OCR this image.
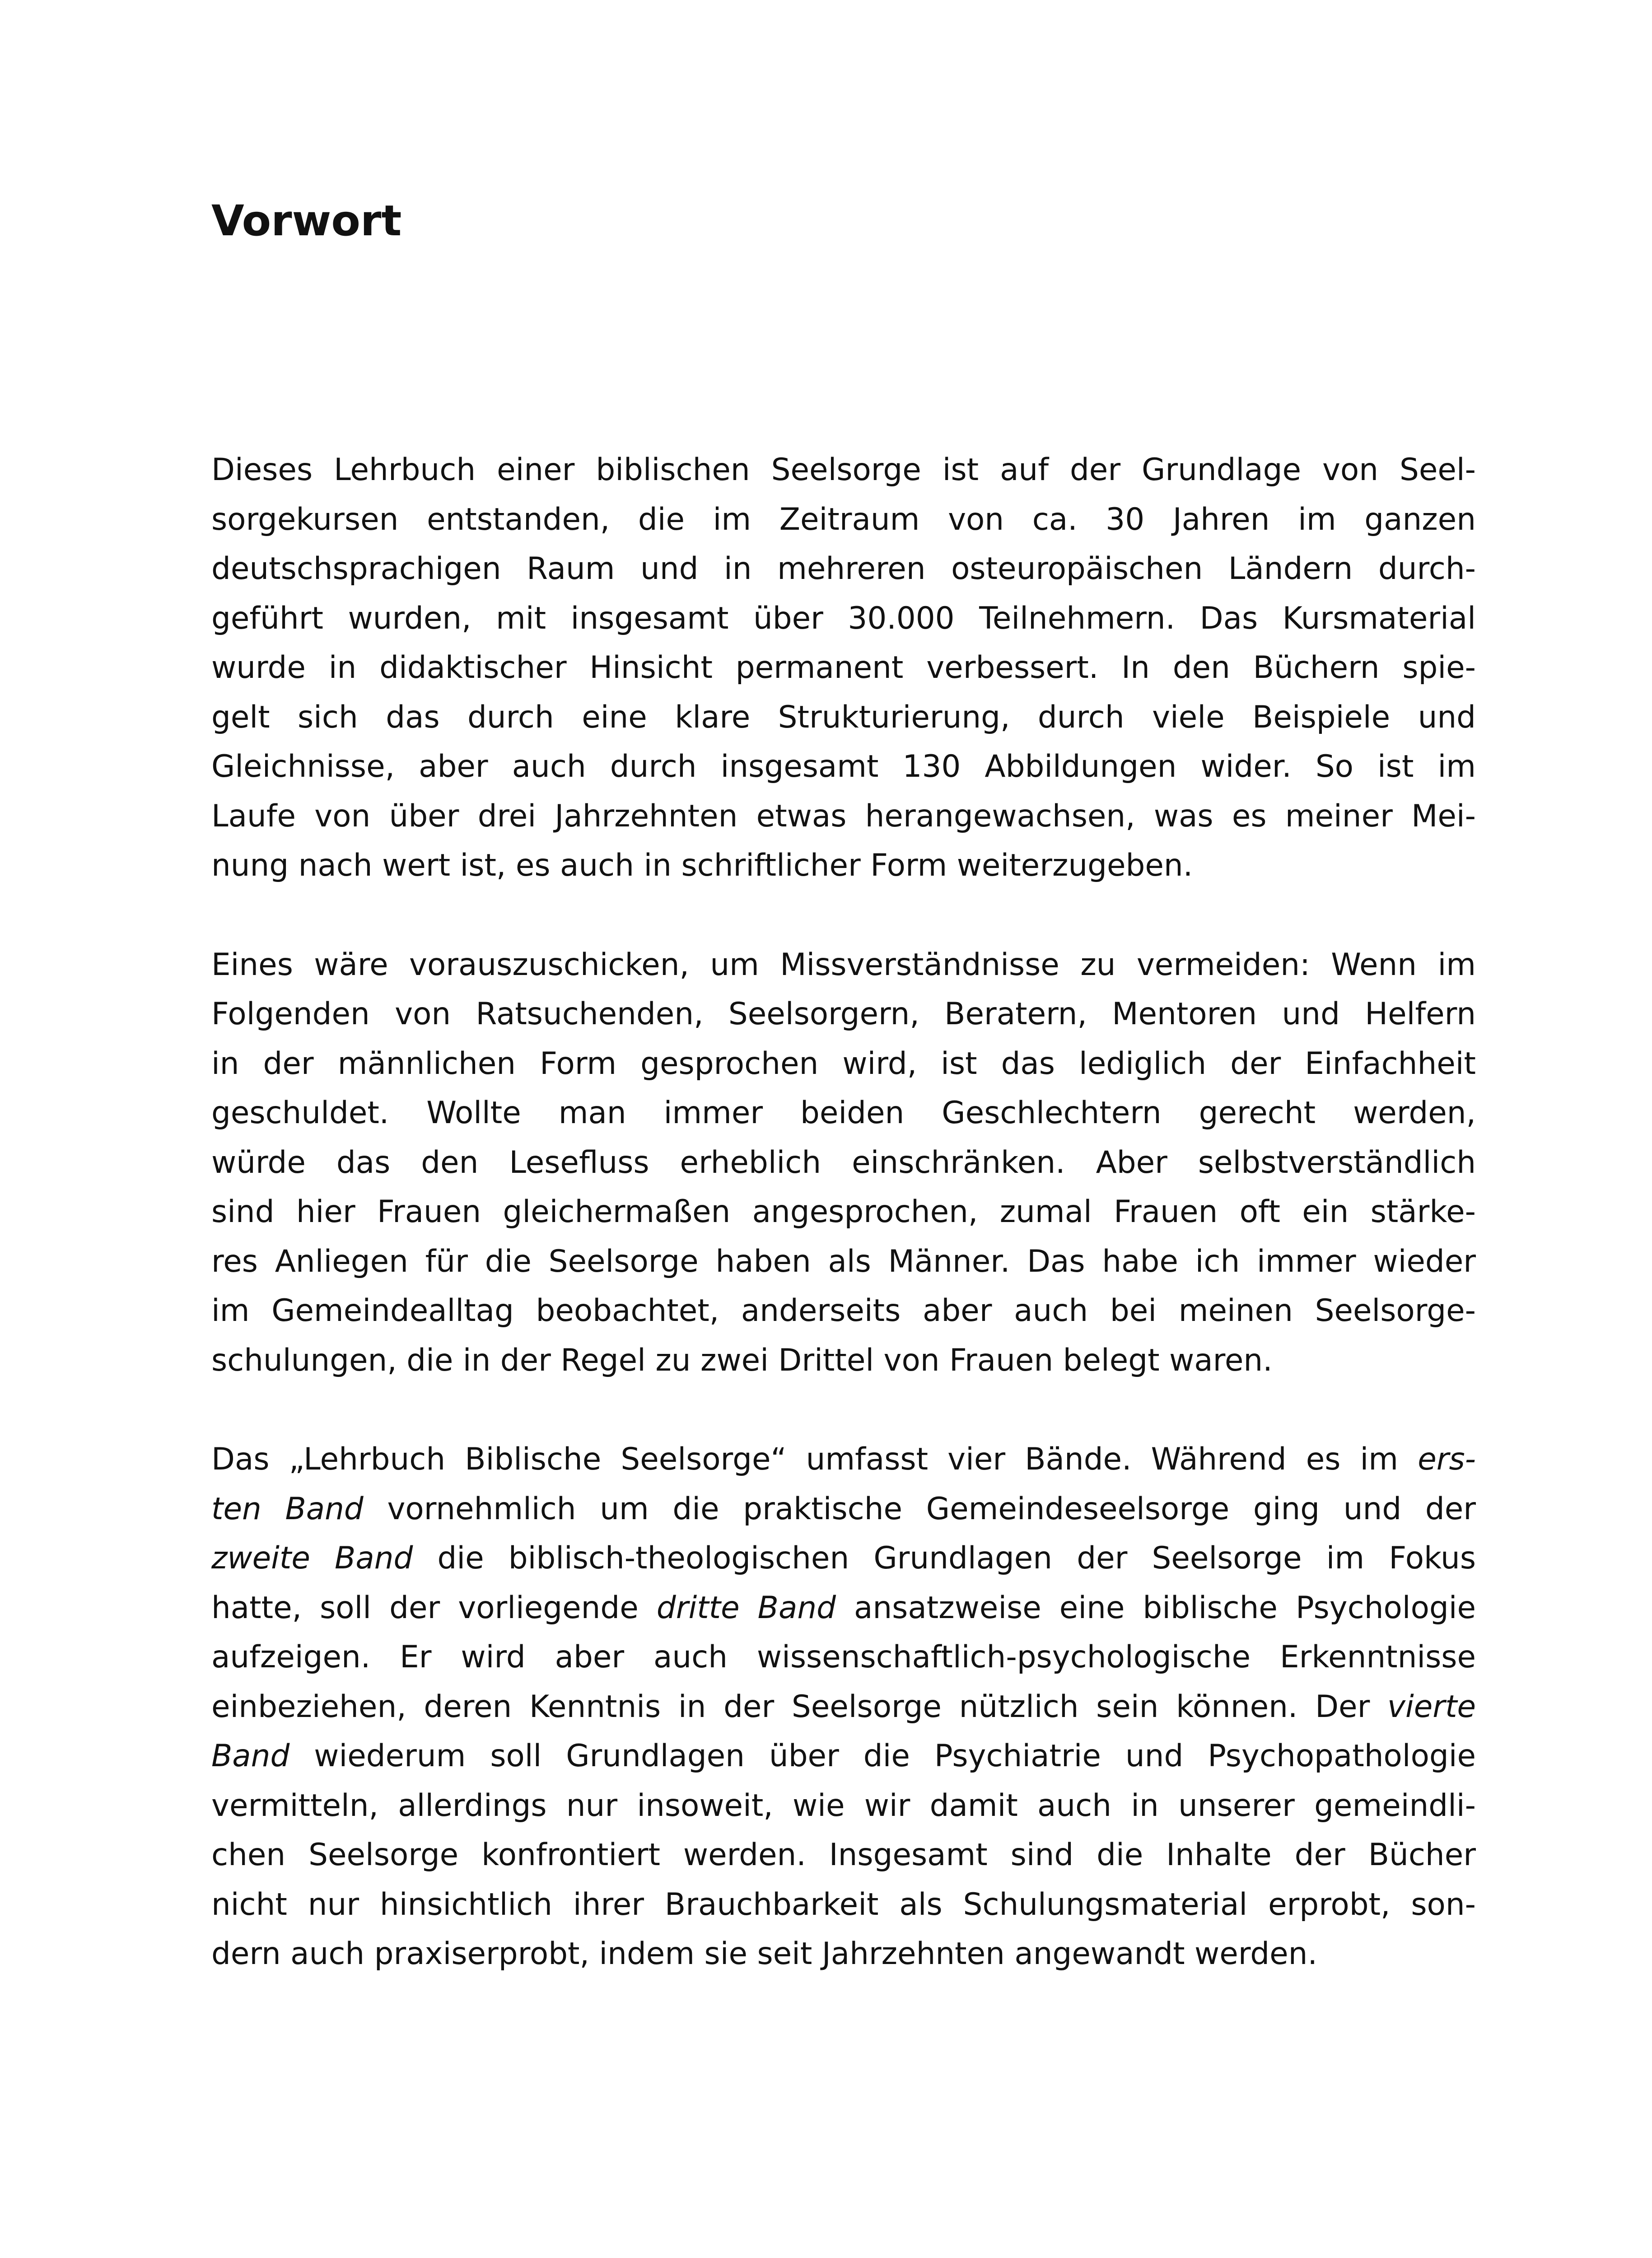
Vorwort

Dieses Lehrbuch einer biblischen Seelsorge ist auf der Grundlage von Seel-
sorgekursen entstanden, die im Zeitraum von ca. 30 Jahren im ganzen
deutschsprachigen Raum und in mehreren osteuropäischen Ländern durch-
geführt wurden, mit insgesamt über 30.000 Teilnehmern. Das Kursmaterial
wurde in didaktischer Hinsicht permanent verbessert. In den Büchern spie-
gelt sich das durch eine klare Strukturierung, durch viele Beispiele und
Gleichnisse, aber auch durch insgesamt 130 Abbildungen wider. So ist im
Laufe von über drei Jahrzehnten etwas herangewachsen, was es meiner Mei-
nung nach wert ist, es auch in schriftlicher Form weiterzugeben.

Eines wäre vorauszuschicken, um Missverständnisse zu vermeiden: Wenn im
Folgenden von Ratsuchenden, Seelsorgern, Beratern, Mentoren und Helfern
in der männlichen Form gesprochen wird, ist das lediglich der Einfachheit
geschuldet. Wollte man immer beiden Geschlechtern gerecht werden,
würde das den Lesefluss erheblich einschränken. Aber selbstverständlich
sind hier Frauen gleichermaßen angesprochen, zumal Frauen oft ein stärke-
res Anliegen für die Seelsorge haben als Männer. Das habe ich immer wieder
im Gemeindealltag beobachtet, anderseits aber auch bei meinen Seelsorge-
schulungen, die in der Regel zu zwei Drittel von Frauen belegt waren.

Das „Lehrbuch Biblische Seelsorge“ umfasst vier Bände. Während es im ers-
ten Band vornehmlich um die praktische Gemeindeseelsorge ging und der
zweite Band die biblisch-theologischen Grundlagen der Seelsorge im Fokus
hatte, soll der vorliegende dritte Band ansatzweise eine biblische Psychologie
aufzeigen. Er wird aber auch wissenschaftlich-psychologische Erkenntnisse
einbeziehen, deren Kenntnis in der Seelsorge nützlich sein können. Der vierte
Band wiederum soll Grundlagen über die Psychiatrie und Psychopathologie
vermitteln, allerdings nur insoweit, wie wir damit auch in unserer gemeindli-
chen Seelsorge konfrontiert werden. Insgesamt sind die Inhalte der Bücher
nicht nur hinsichtlich ihrer Brauchbarkeit als Schulungsmaterial erprobt, son-
dern auch praxiserprobt, indem sie seit Jahrzehnten angewandt werden.
